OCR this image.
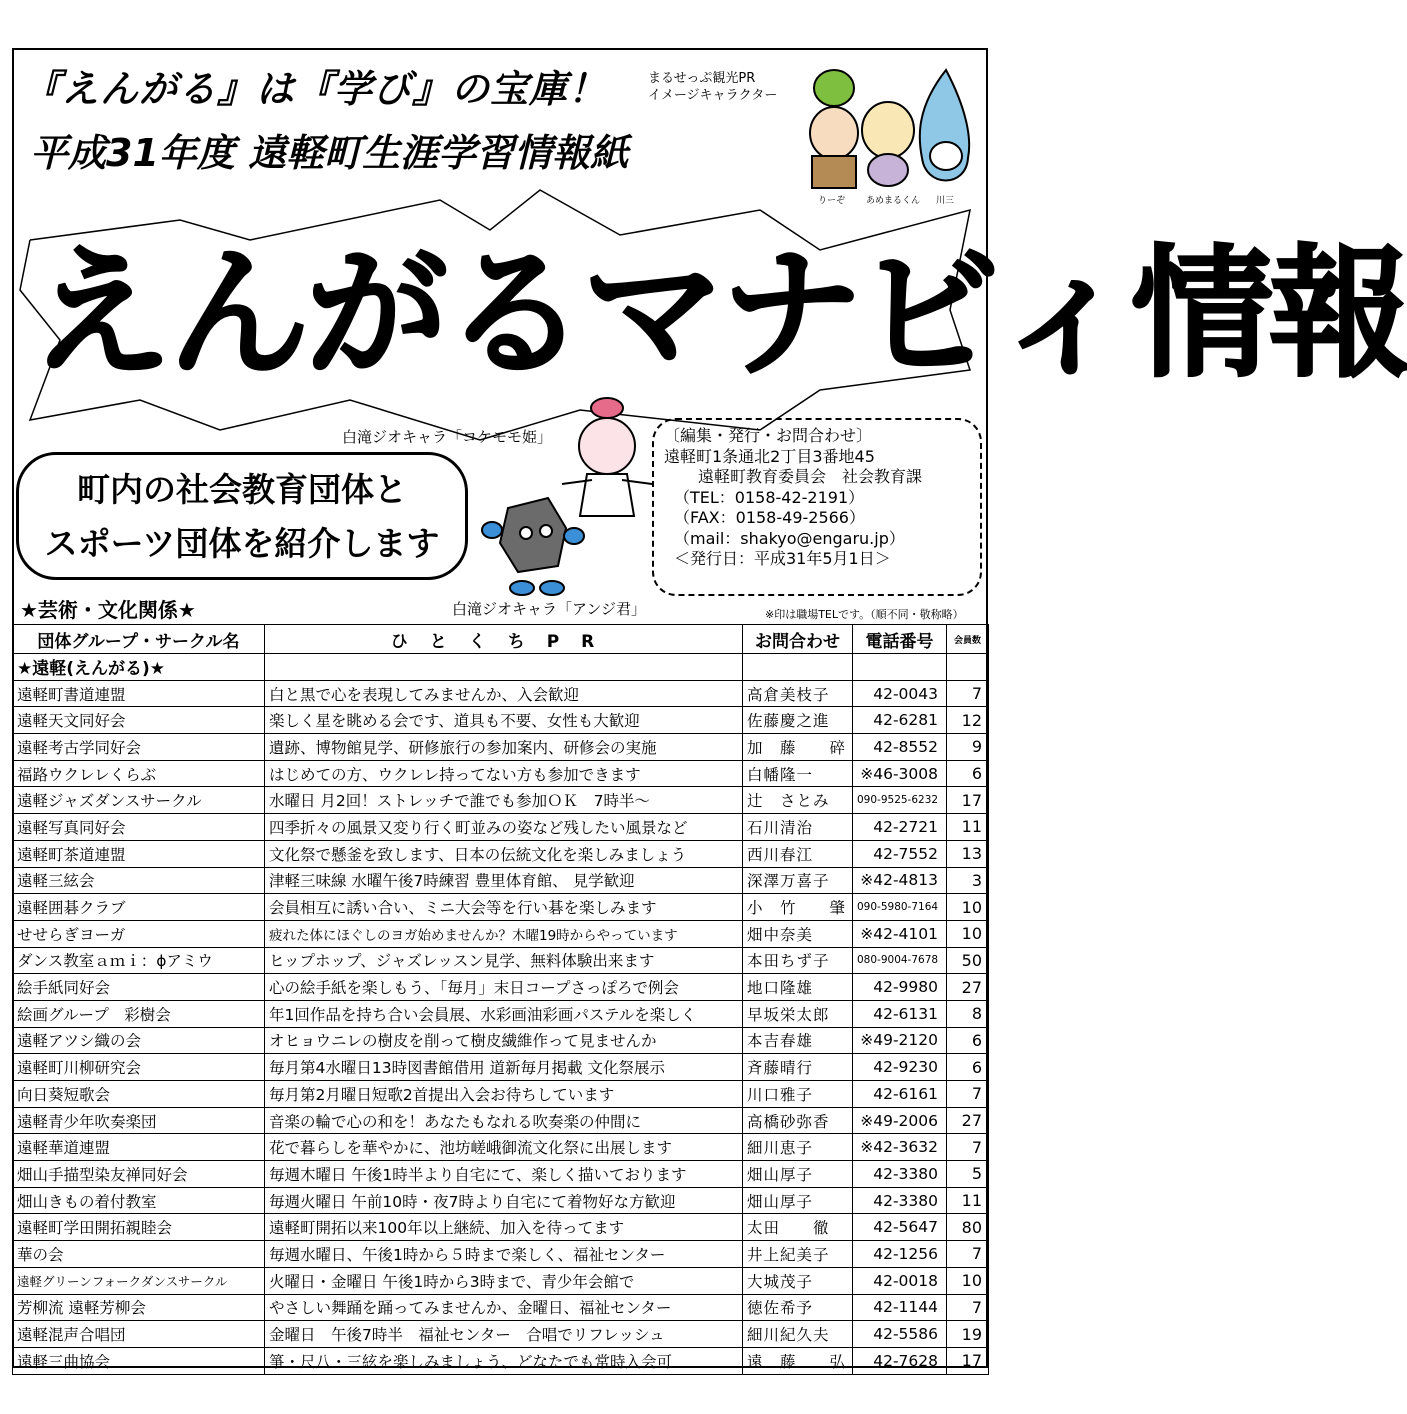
『えんがる』は『学び』の宝庫！	まるせっぷ観光PR
イメージキャラクター
りーぞ あめまるくん 川三
平成31年度 遠軽町生涯学習情報紙
えんがるマナビィ情報
白滝ジオキャラ「コケモモ姫」
町内の社会教育団体と
スポーツ団体を紹介します
〔編集・発行・お問合わせ〕
遠軽町1条通北2丁目3番地45
遠軽町教育委員会　社会教育課
（TEL：0158-42-2191）
（FAX：0158-49-2566）
（mail：shakyo@engaru.jp）
＜発行日：平成31年5月1日＞
★芸術・文化関係★	白滝ジオキャラ「アンジ君」	※印は職場TELです。（順不同・敬称略）
団体グループ・サークル名	ひとくちPR	お問合わせ	電話番号	会員数
★遠軽(えんがる)★				
遠軽町書道連盟	白と黒で心を表現してみませんか、入会歓迎	高倉美枝子	42-0043	7
遠軽天文同好会	楽しく星を眺める会です、道具も不要、女性も大歓迎	佐藤慶之進	42-6281	12
遠軽考古学同好会	遺跡、博物館見学、研修旅行の参加案内、研修会の実施	加　藤　　碎	42-8552	9
福路ウクレレくらぶ	はじめての方、ウクレレ持ってない方も参加できます	白幡隆一	※46-3008	6
遠軽ジャズダンスサークル	水曜日 月2回！ストレッチで誰でも参加ＯＫ　7時半～	辻　さとみ	090-9525-6232	17
遠軽写真同好会	四季折々の風景又変り行く町並みの姿など残したい風景など	石川清治	42-2721	11
遠軽町茶道連盟	文化祭で懸釜を致します、日本の伝統文化を楽しみましょう	西川春江	42-7552	13
遠軽三絃会	津軽三味線 水曜午後7時練習 豊里体育館、 見学歓迎	深澤万喜子	※42-4813	3
遠軽囲碁クラブ	会員相互に誘い合い、ミニ大会等を行い碁を楽しみます	小　竹　　肇	090-5980-7164	10
せせらぎヨーガ	疲れた体にほぐしのヨガ始めませんか？木曜19時からやっています	畑中奈美	※42-4101	10
ダンス教室ａｍｉ：ϕアミウ	ヒップホップ、ジャズレッスン見学、無料体験出来ます	本田ちず子	080-9004-7678	50
絵手紙同好会	心の絵手紙を楽しもう、「毎月」末日コープさっぽろで例会	地口隆雄	42-9980	27
絵画グループ　彩樹会	年1回作品を持ち合い会員展、水彩画油彩画パステルを楽しく	早坂栄太郎	42-6131	8
遠軽アツシ織の会	オヒョウニレの樹皮を削って樹皮繊維作って見ませんか	本吉春雄	※49-2120	6
遠軽町川柳研究会	毎月第4水曜日13時図書館借用 道新毎月掲載 文化祭展示	斉藤晴行	42-9230	6
向日葵短歌会	毎月第2月曜日短歌2首提出入会お待ちしています	川口雅子	42-6161	7
遠軽青少年吹奏楽団	音楽の輪で心の和を！あなたもなれる吹奏楽の仲間に	高橋砂弥香	※49-2006	27
遠軽華道連盟	花で暮らしを華やかに、池坊嵯峨御流文化祭に出展します	細川恵子	※42-3632	7
畑山手描型染友禅同好会	毎週木曜日 午後1時半より自宅にて、楽しく描いております	畑山厚子	42-3380	5
畑山きもの着付教室	毎週火曜日 午前10時・夜7時より自宅にて着物好な方歓迎	畑山厚子	42-3380	11
遠軽町学田開拓親睦会	遠軽町開拓以来100年以上継続、加入を待ってます	太田　　徹	42-5647	80
華の会	毎週水曜日、午後1時から５時まで楽しく、福祉センター	井上紀美子	42-1256	7
遠軽グリーンフォークダンスサークル	火曜日・金曜日 午後1時から3時まで、青少年会館で	大城茂子	42-0018	10
芳柳流 遠軽芳柳会	やさしい舞踊を踊ってみませんか、金曜日、福祉センター	徳佐希予	42-1144	7
遠軽混声合唱団	金曜日　午後7時半　福祉センター　合唱でリフレッシュ	細川紀久夫	42-5586	19
遠軽三曲協会	箏・尺八・三絃を楽しみましょう、どなたでも常時入会可	遠　藤　　弘	42-7628	17
